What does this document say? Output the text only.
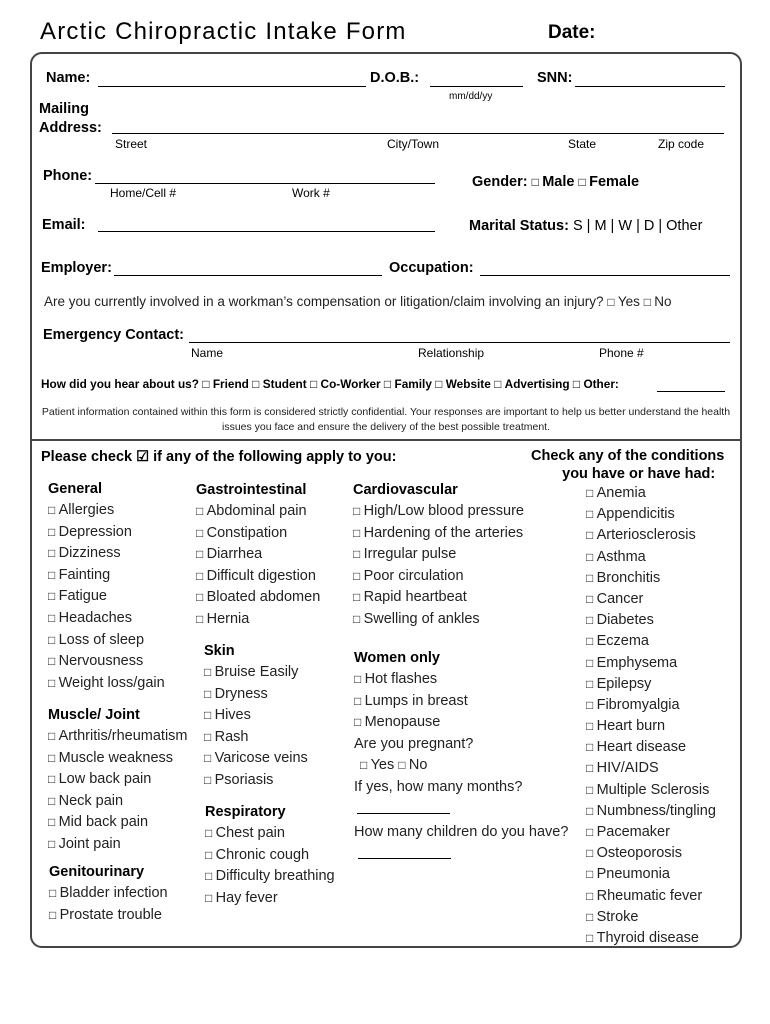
Arctic Chiropractic Intake Form	Date:
Name:	D.O.B.:
mm/dd/yy
SNN:
Mailing
Address:
Street	City/Town	State	Zip code
Phone:
Home/Cell #	Work #
Gender: □ Male □ Female
Email:	Marital Status: S | M | W | D | Other
Employer:	Occupation:
Are you currently involved in a workman’s compensation or litigation/claim involving an injury? □ Yes □ No
Emergency Contact:
Name	Relationship	Phone #
How did you hear about us? □ Friend □ Student □ Co-Worker □ Family □ Website □ Advertising □ Other:
Patient information contained within this form is considered strictly confidential. Your responses are important to help us better understand the health issues you face and ensure the delivery of the best possible treatment.
Please check ☑ if any of the following apply to you:
General
□ Allergies
□ Depression
□ Dizziness
□ Fainting
□ Fatigue
□ Headaches
□ Loss of sleep
□ Nervousness
□ Weight loss/gain
Muscle/ Joint
□ Arthritis/rheumatism
□ Muscle weakness
□ Low back pain
□ Neck pain
□ Mid back pain
□ Joint pain
Genitourinary
□ Bladder infection
□ Prostate trouble
Gastrointestinal
□ Abdominal pain
□ Constipation
□ Diarrhea
□ Difficult digestion
□ Bloated abdomen
□ Hernia
Skin
□ Bruise Easily
□ Dryness
□ Hives
□ Rash
□ Varicose veins
□ Psoriasis
Respiratory
□ Chest pain
□ Chronic cough
□ Difficulty breathing
□ Hay fever
Cardiovascular
□ High/Low blood pressure
□ Hardening of the arteries
□ Irregular pulse
□ Poor circulation
□ Rapid heartbeat
□ Swelling of ankles
Women only
□ Hot flashes
□ Lumps in breast
□ Menopause
Are you pregnant?
□ Yes □ No
If yes, how many months?
How many children do you have?
Check any of the conditions
you have or have had:
□ Anemia
□ Appendicitis
□ Arteriosclerosis
□ Asthma
□ Bronchitis
□ Cancer
□ Diabetes
□ Eczema
□ Emphysema
□ Epilepsy
□ Fibromyalgia
□ Heart burn
□ Heart disease
□ HIV/AIDS
□ Multiple Sclerosis
□ Numbness/tingling
□ Pacemaker
□ Osteoporosis
□ Pneumonia
□ Rheumatic fever
□ Stroke
□ Thyroid disease
